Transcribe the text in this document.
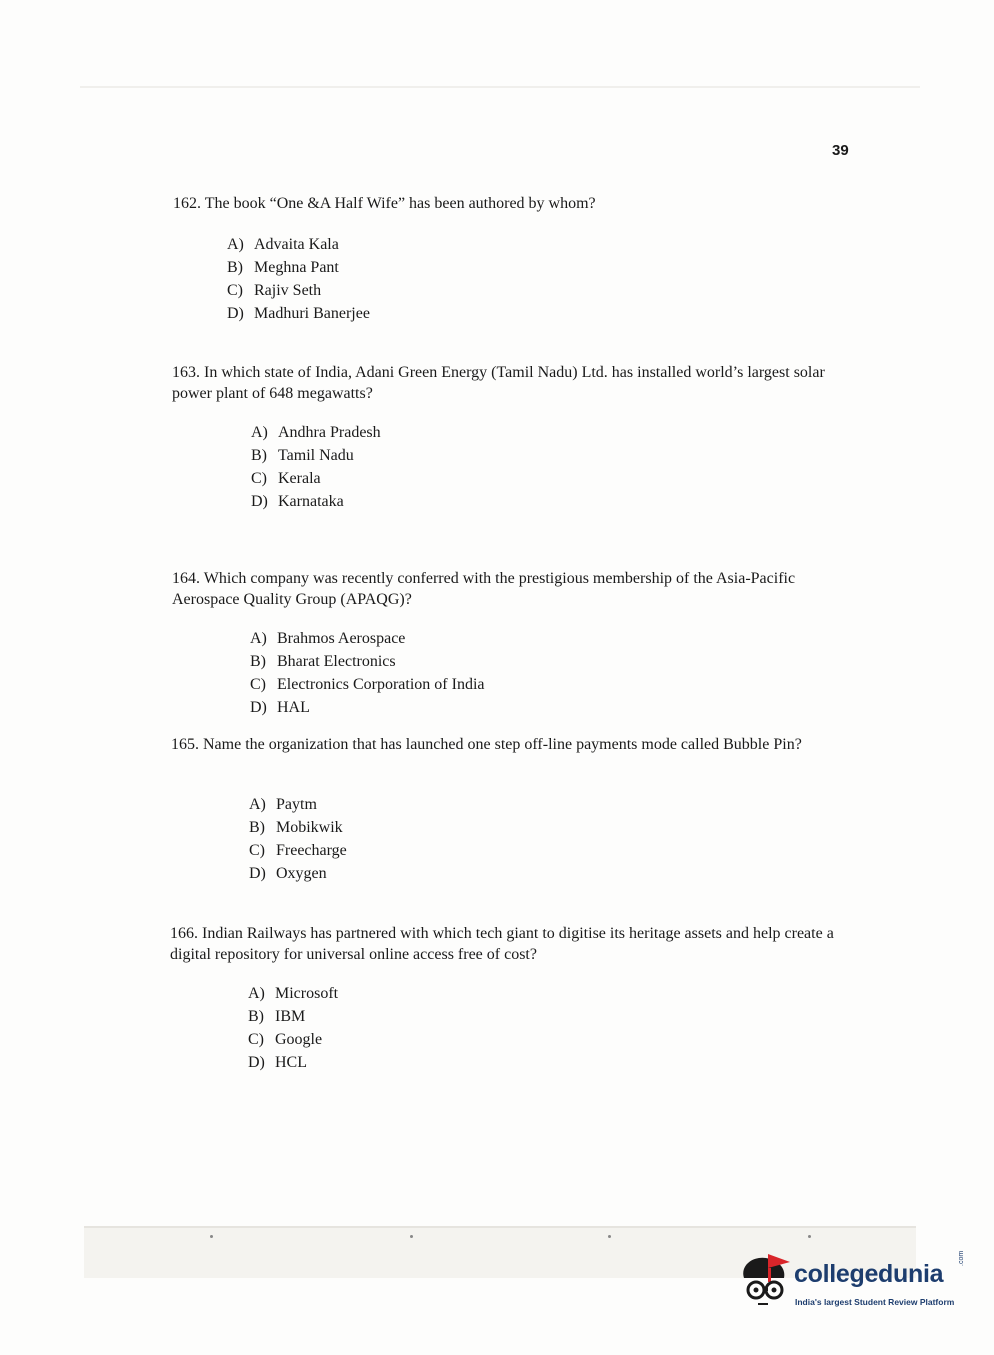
39

162. The book “One &A Half Wife” has been authored by whom?

A) Advaita Kala
B) Meghna Pant
C) Rajiv Seth
D) Madhuri Banerjee

163. In which state of India, Adani Green Energy (Tamil Nadu) Ltd. has installed world’s largest solar power plant of 648 megawatts?

A) Andhra Pradesh
B) Tamil Nadu
C) Kerala
D) Karnataka

164. Which company was recently conferred with the prestigious membership of the Asia-Pacific Aerospace Quality Group (APAQG)?

A) Brahmos Aerospace
B) Bharat Electronics
C) Electronics Corporation of India
D) HAL

165. Name the organization that has launched one step off-line payments mode called Bubble Pin?

A) Paytm
B) Mobikwik
C) Freecharge
D) Oxygen

166. Indian Railways has partnered with which tech giant to digitise its heritage assets and help create a digital repository for universal online access free of cost?

A) Microsoft
B) IBM
C) Google
D) HCL
collegedunia
.com
India's largest Student Review Platform
